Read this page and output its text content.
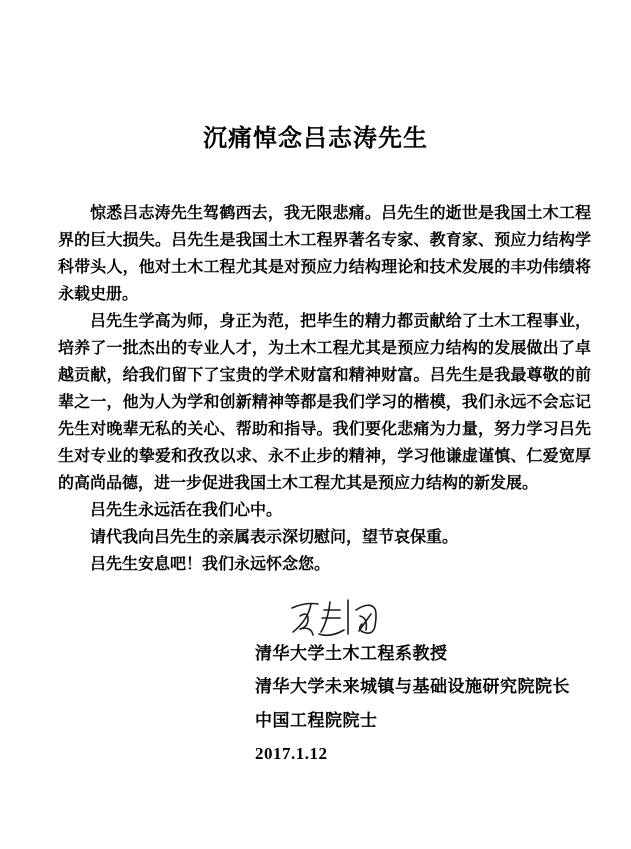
沉痛悼念吕志涛先生

惊悉吕志涛先生驾鹤西去，我无限悲痛。吕先生的逝世是我国土木工程界的巨大损失。吕先生是我国土木工程界著名专家、教育家、预应力结构学科带头人，他对土木工程尤其是对预应力结构理论和技术发展的丰功伟绩将永载史册。

吕先生学高为师，身正为范，把毕生的精力都贡献给了土木工程事业，培养了一批杰出的专业人才，为土木工程尤其是预应力结构的发展做出了卓越贡献，给我们留下了宝贵的学术财富和精神财富。吕先生是我最尊敬的前辈之一，他为人为学和创新精神等都是我们学习的楷模，我们永远不会忘记先生对晚辈无私的关心、帮助和指导。我们要化悲痛为力量，努力学习吕先生对专业的挚爱和孜孜以求、永不止步的精神，学习他谦虚谨慎、仁爱宽厚的高尚品德，进一步促进我国土木工程尤其是预应力结构的新发展。

吕先生永远活在我们心中。

请代我向吕先生的亲属表示深切慰问，望节哀保重。

吕先生安息吧！我们永远怀念您。

清华大学土木工程系教授

清华大学未来城镇与基础设施研究院院长

中国工程院院士

2017.1.12
